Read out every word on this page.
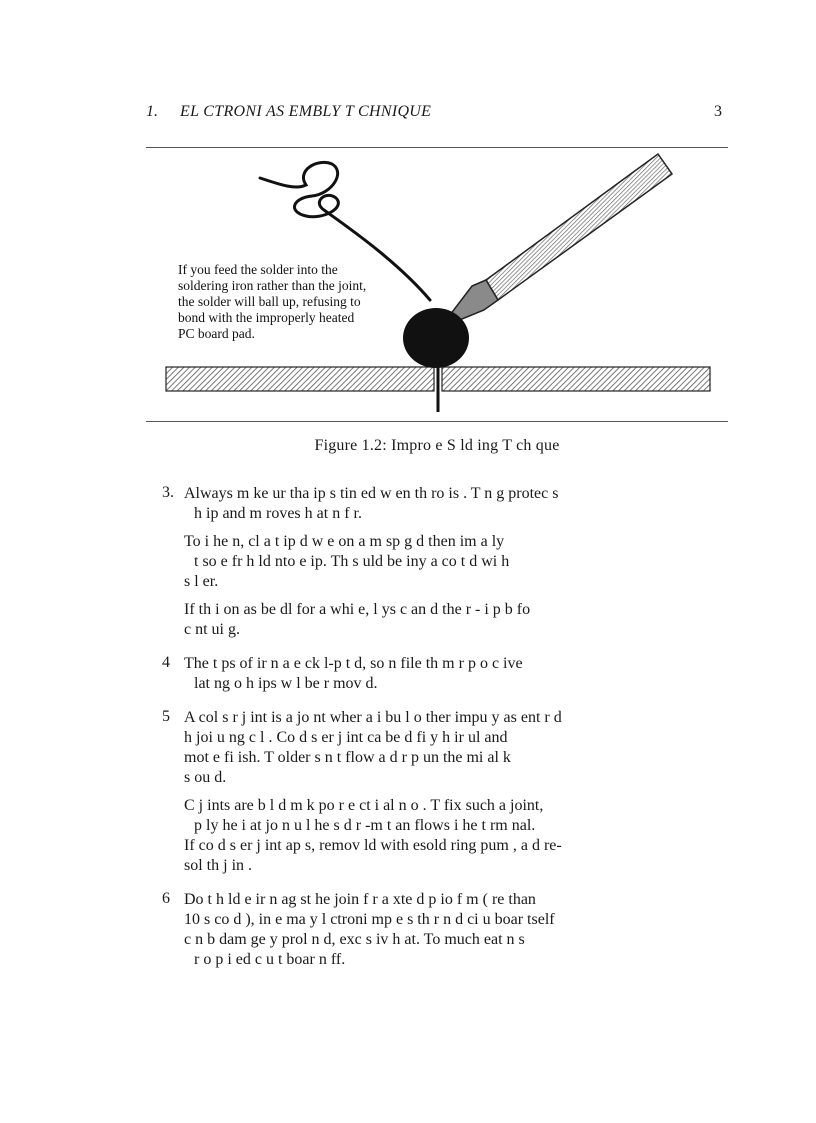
1. EL CTRONI AS EMBLY T CHNIQUE	3
If you feed the solder into the
soldering iron rather than the joint,
the solder will ball up, refusing to
bond with the improperly heated
PC board pad.
Figure 1.2: Impro e S ld ing T ch que
3. Always m ke ur tha ip s tin ed w en th ro is . T n g protec s
h ip and m roves h at n f r.
To i he n, cl a t ip d w e on a m sp g d then im a ly
t so e fr h ld nto e ip. Th s uld be iny a co t d wi h
s l er.
If th i on as be dl for a whi e, l ys c an d the r - i p b fo
c nt ui g.
4 The t ps of ir n a e ck l-p t d, so n file th m r p o c ive
lat ng o h ips w l be r mov d.
5 A col s r j int is a jo nt wher a i bu l o ther impu y as ent r d
h joi u ng c l . Co d s er j int ca be d fi y h ir ul and
mot e fi ish. T older s n t flow a d r p un the mi al k
s ou d.
C j ints are b l d m k po r e ct i al n o . T fix such a joint,
p ly he i at jo n u l he s d r -m t an flows i he t rm nal.
If co d s er j int ap s, remov ld with esold ring pum , a d re-
sol th j in .
6 Do t h ld e ir n ag st he join f r a xte d p io f m ( re than
10 s co d ), in e ma y l ctroni mp e s th r n d ci u boar tself
c n b dam ge y prol n d, exc s iv h at. To much eat n s
r o p i ed c u t boar n ff.
